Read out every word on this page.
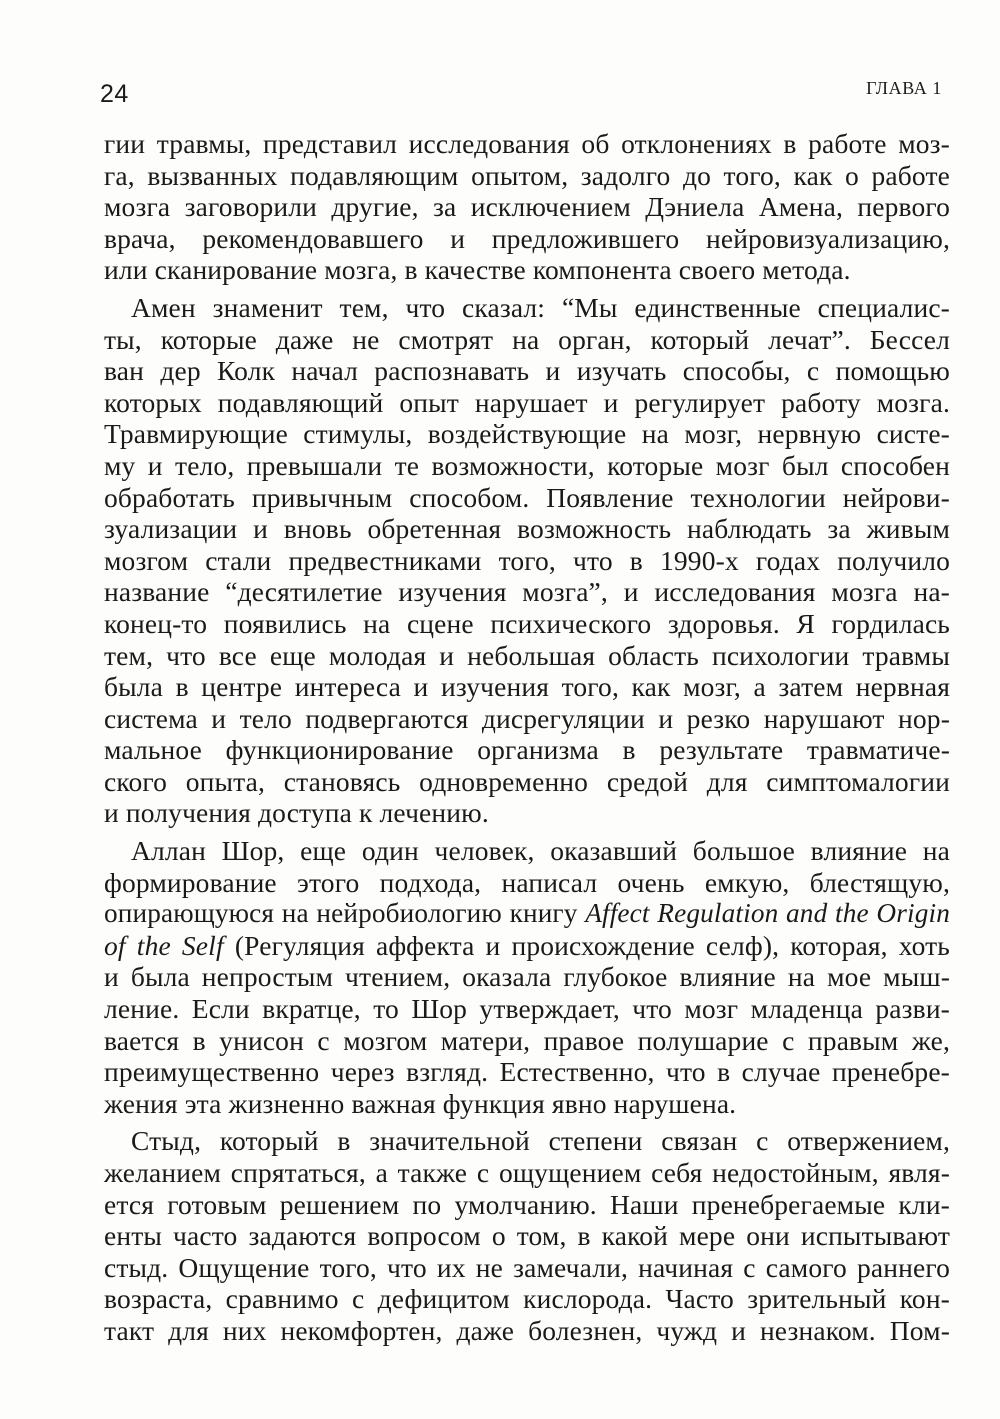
24	ГЛАВА 1
гии травмы, представил исследования об отклонениях в работе моз-
га, вызванных подавляющим опытом, задолго до того, как о работе
мозга заговорили другие, за исключением Дэниела Амена, первого
врача, рекомендовавшего и предложившего нейровизуализацию,
или сканирование мозга, в качестве компонента своего метода.
Амен знаменит тем, что сказал: “Мы единственные специалис-
ты, которые даже не смотрят на орган, который лечат”. Бессел
ван дер Колк начал распознавать и изучать способы, с помощью
которых подавляющий опыт нарушает и регулирует работу мозга.
Травмирующие стимулы, воздействующие на мозг, нервную систе-
му и тело, превышали те возможности, которые мозг был способен
обработать привычным способом. Появление технологии нейрови-
зуализации и вновь обретенная возможность наблюдать за живым
мозгом стали предвестниками того, что в 1990-х годах получило
название “десятилетие изучения мозга”, и исследования мозга на-
конец-то появились на сцене психического здоровья. Я гордилась
тем, что все еще молодая и небольшая область психологии травмы
была в центре интереса и изучения того, как мозг, а затем нервная
система и тело подвергаются дисрегуляции и резко нарушают нор-
мальное функционирование организма в результате травматиче-
ского опыта, становясь одновременно средой для симптомалогии
и получения доступа к лечению.
Аллан Шор, еще один человек, оказавший большое влияние на
формирование этого подхода, написал очень емкую, блестящую,
опирающуюся на нейробиологию книгу Affect Regulation and the Origin
of the Self (Регуляция аффекта и происхождение селф), которая, хоть
и была непростым чтением, оказала глубокое влияние на мое мыш-
ление. Если вкратце, то Шор утверждает, что мозг младенца разви-
вается в унисон с мозгом матери, правое полушарие с правым же,
преимущественно через взгляд. Естественно, что в случае пренебре-
жения эта жизненно важная функция явно нарушена.
Стыд, который в значительной степени связан с отвержением,
желанием спрятаться, а также с ощущением себя недостойным, явля-
ется готовым решением по умолчанию. Наши пренебрегаемые кли-
енты часто задаются вопросом о том, в какой мере они испытывают
стыд. Ощущение того, что их не замечали, начиная с самого раннего
возраста, сравнимо с дефицитом кислорода. Часто зрительный кон-
такт для них некомфортен, даже болезнен, чужд и незнаком. Пом-
